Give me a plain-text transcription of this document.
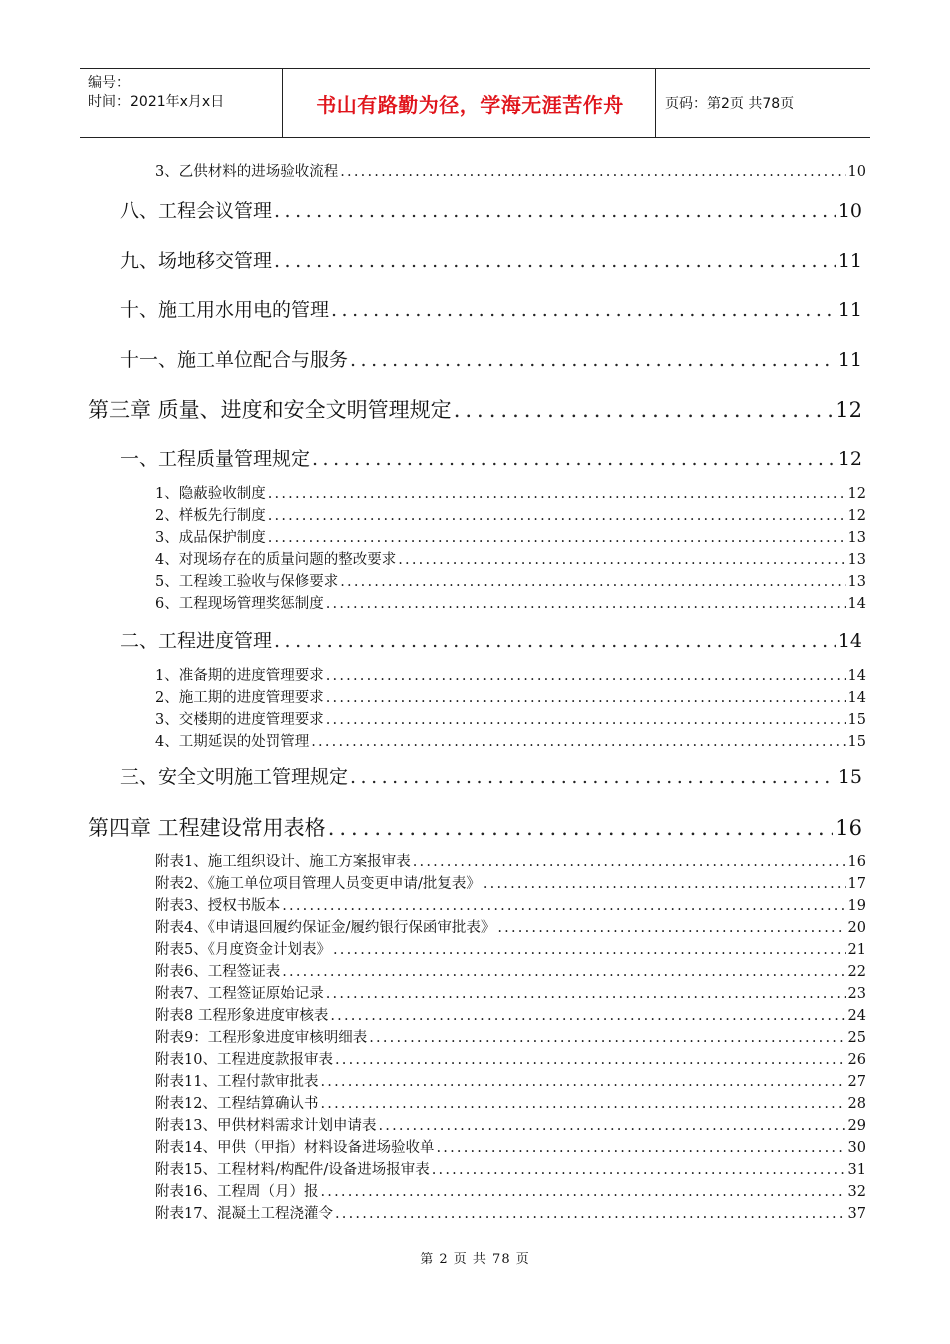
编号：
时间：2021年x月x日	书山有路勤为径，学海无涯苦作舟	页码：第2页 共78页
3、乙供材料的进场验收流程 .....	10
八、工程会议管理 .....	10
九、场地移交管理 .....	11
十、施工用水用电的管理 .....	11
十一、施工单位配合与服务 .....	11
第三章 质量、进度和安全文明管理规定 .....	12
一、工程质量管理规定 .....	12
1、隐蔽验收制度 .....	12
2、样板先行制度 .....	12
3、成品保护制度 .....	13
4、对现场存在的质量问题的整改要求 .....	13
5、工程竣工验收与保修要求 .....	13
6、工程现场管理奖惩制度 .....	14
二、工程进度管理 .....	14
1、准备期的进度管理要求 .....	14
2、施工期的进度管理要求 .....	14
3、交楼期的进度管理要求 .....	15
4、工期延误的处罚管理 .....	15
三、安全文明施工管理规定 .....	15
第四章 工程建设常用表格 .....	16
附表1、施工组织设计、施工方案报审表 .....	16
附表2、《施工单位项目管理人员变更申请/批复表》 .....	17
附表3、授权书版本 .....	19
附表4、《申请退回履约保证金/履约银行保函审批表》 .....	20
附表5、《月度资金计划表》 .....	21
附表6、工程签证表 .....	22
附表7、工程签证原始记录 .....	23
附表8 工程形象进度审核表 .....	24
附表9：工程形象进度审核明细表 .....	25
附表10、工程进度款报审表 .....	26
附表11、工程付款审批表 .....	27
附表12、工程结算确认书 .....	28
附表13、甲供材料需求计划申请表 .....	29
附表14、甲供（甲指）材料设备进场验收单 .....	30
附表15、工程材料/构配件/设备进场报审表 .....	31
附表16、工程周（月）报 .....	32
附表17、混凝土工程浇灌令 .....	37
第 2 页 共 78 页
